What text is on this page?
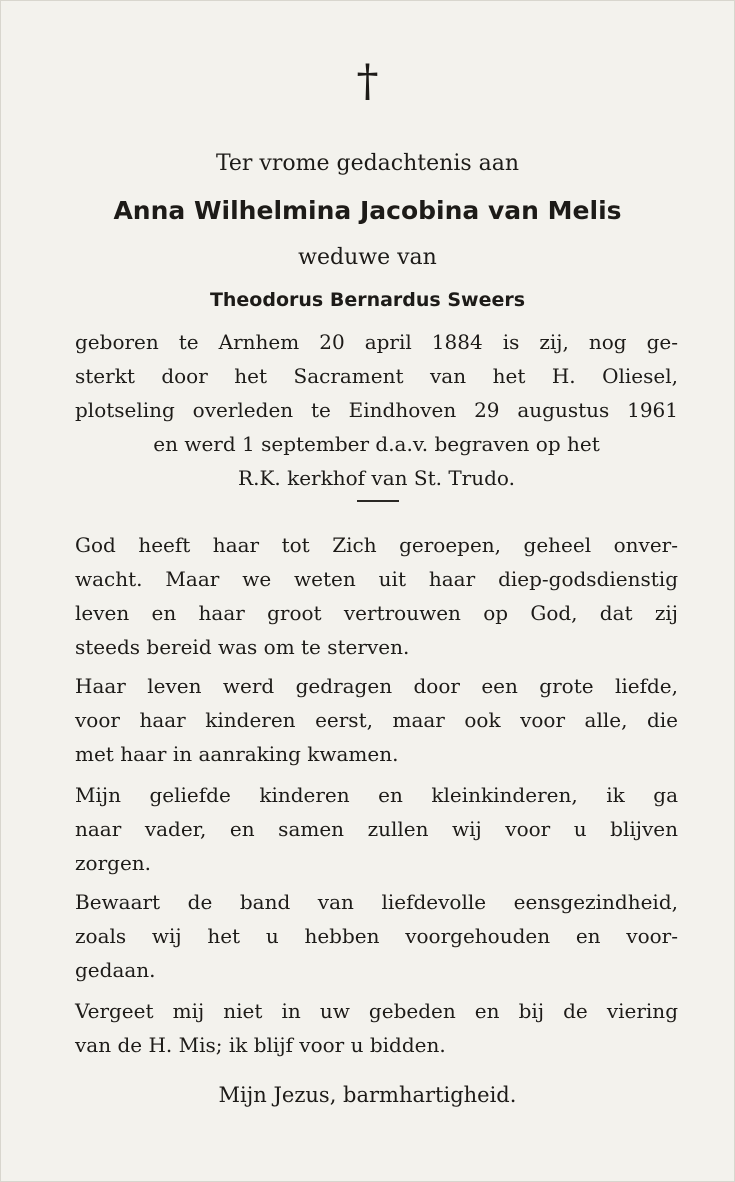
†
Ter vrome gedachtenis aan
Anna Wilhelmina Jacobina van Melis
weduwe van
Theodorus Bernardus Sweers
geboren te Arnhem 20 april 1884 is zij, nog ge-
sterkt door het Sacrament van het H. Oliesel,
plotseling overleden te Eindhoven 29 augustus 1961
en werd 1 september d.a.v. begraven op het
R.K. kerkhof van St. Trudo.
God heeft haar tot Zich geroepen, geheel onver-
wacht. Maar we weten uit haar diep-godsdienstig
leven en haar groot vertrouwen op God, dat zij
steeds bereid was om te sterven.
Haar leven werd gedragen door een grote liefde,
voor haar kinderen eerst, maar ook voor alle, die
met haar in aanraking kwamen.
Mijn geliefde kinderen en kleinkinderen, ik ga
naar vader, en samen zullen wij voor u blijven
zorgen.
Bewaart de band van liefdevolle eensgezindheid,
zoals wij het u hebben voorgehouden en voor-
gedaan.
Vergeet mij niet in uw gebeden en bij de viering
van de H. Mis; ik blijf voor u bidden.
Mijn Jezus, barmhartigheid.
